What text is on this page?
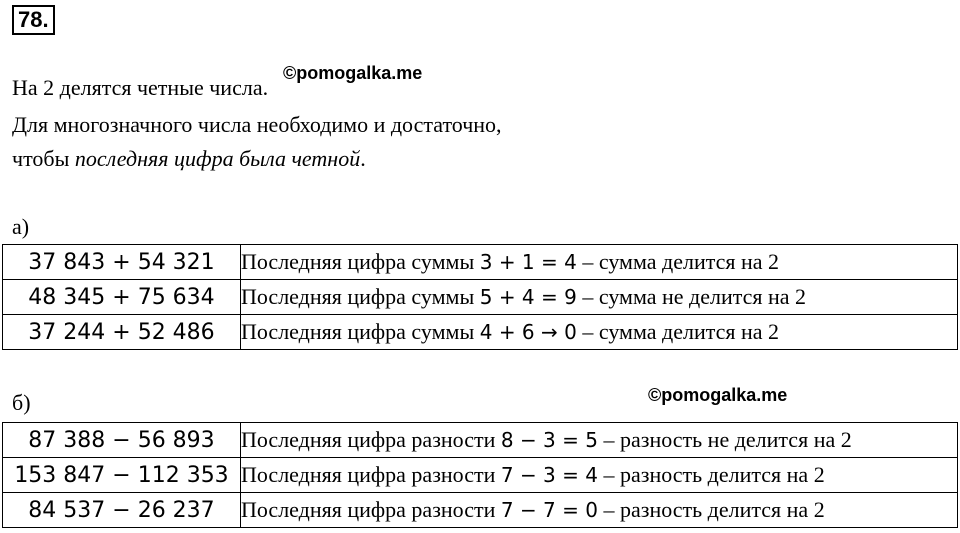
78.
На 2 делятся четные числа.
©pomogalka.me
Для многозначного числа необходимо и достаточно,
чтобы последняя цифра была четной.
а)
37 843 + 54 321	Последняя цифра суммы 3 + 1 = 4 – сумма делится на 2
48 345 + 75 634	Последняя цифра суммы 5 + 4 = 9 – сумма не делится на 2
37 244 + 52 486	Последняя цифра суммы 4 + 6 → 0 – сумма делится на 2
б)	©pomogalka.me
87 388 − 56 893	Последняя цифра разности 8 − 3 = 5 – разность не делится на 2
153 847 − 112 353	Последняя цифра разности 7 − 3 = 4 – разность делится на 2
84 537 − 26 237	Последняя цифра разности 7 − 7 = 0 – разность делится на 2
